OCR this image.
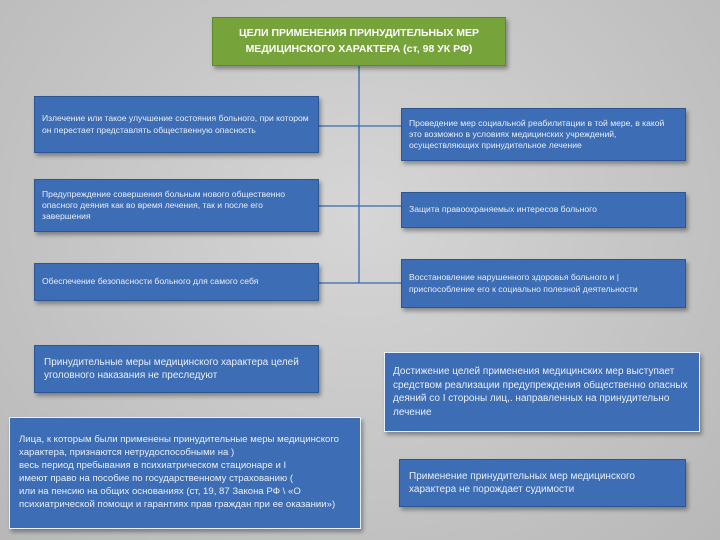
ЦЕЛИ ПРИМЕНЕНИЯ ПРИНУДИТЕЛЬНЫХ МЕР
МЕДИЦИНСКОГО ХАРАКТЕРА (ст, 98 УК РФ)
Излечение или такое улучшение состояния больного, при котором он перестает представлять общественную опасность
Предупреждение совершения больным нового общественно опасного деяния как во время лечения, так и после его завершения
Обеспечение безопасности больного для самого себя
Проведение мер социальной реабилитации в той мере, в какой это возможно в условиях медицинских учреждений, осуществляющих принудительное лечение
Защита правоохраняемых интересов больного
Восстановление нарушенного здоровья больного и | приспособление его к социально полезной деятельности
Принудительные меры медицинского характера целей уголовного наказания не преследуют	Достижение целей применения медицинских мер выступает средством реализации предупреждения общественно опасных деяний со I стороны лиц,. направленных на принудительно лечение
Лица, к которым были применены принудительные меры медицинского характера, признаются нетрудоспособными на )
весь период пребывания в психиатрическом стационаре и I
имеют право на пособие по государственному страхованию (
или на пенсию на общих основаниях (ст, 19, 87 Закона РФ \ «О психиатрической помощи и гарантиях прав граждан при ее оказании»)
Применение принудительных мер медицинского характера не порождает судимости
